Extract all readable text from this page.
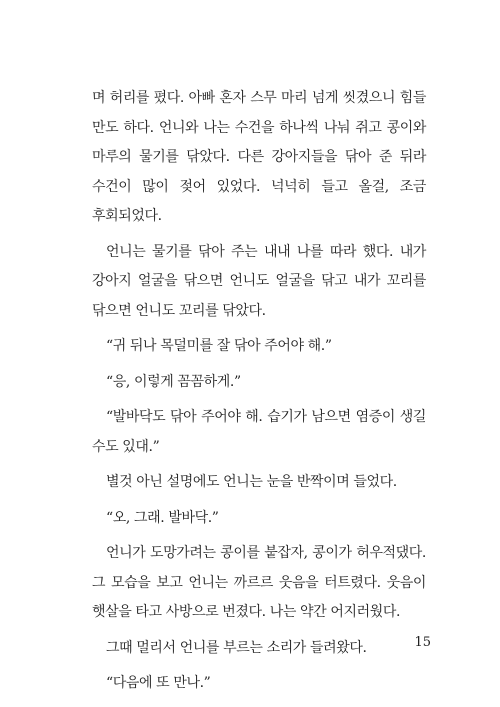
며 허리를 폈다. 아빠 혼자 스무 마리 넘게 씻겼으니 힘들 만도 하다. 언니와 나는 수건을 하나씩 나눠 쥐고 콩이와 마루의 물기를 닦았다. 다른 강아지들을 닦아 준 뒤라 수건이 많이 젖어 있었다. 넉넉히 들고 올걸, 조금 후회되었다.

언니는 물기를 닦아 주는 내내 나를 따라 했다. 내가 강아지 얼굴을 닦으면 언니도 얼굴을 닦고 내가 꼬리를 닦으면 언니도 꼬리를 닦았다.

“귀 뒤나 목덜미를 잘 닦아 주어야 해.”

“응, 이렇게 꼼꼼하게.”

“발바닥도 닦아 주어야 해. 습기가 남으면 염증이 생길 수도 있대.”

별것 아닌 설명에도 언니는 눈을 반짝이며 들었다.

“오, 그래. 발바닥.”

언니가 도망가려는 콩이를 붙잡자, 콩이가 허우적댔다. 그 모습을 보고 언니는 까르르 웃음을 터트렸다. 웃음이 햇살을 타고 사방으로 번졌다. 나는 약간 어지러웠다.

그때 멀리서 언니를 부르는 소리가 들려왔다.

“다음에 또 만나.”

15
